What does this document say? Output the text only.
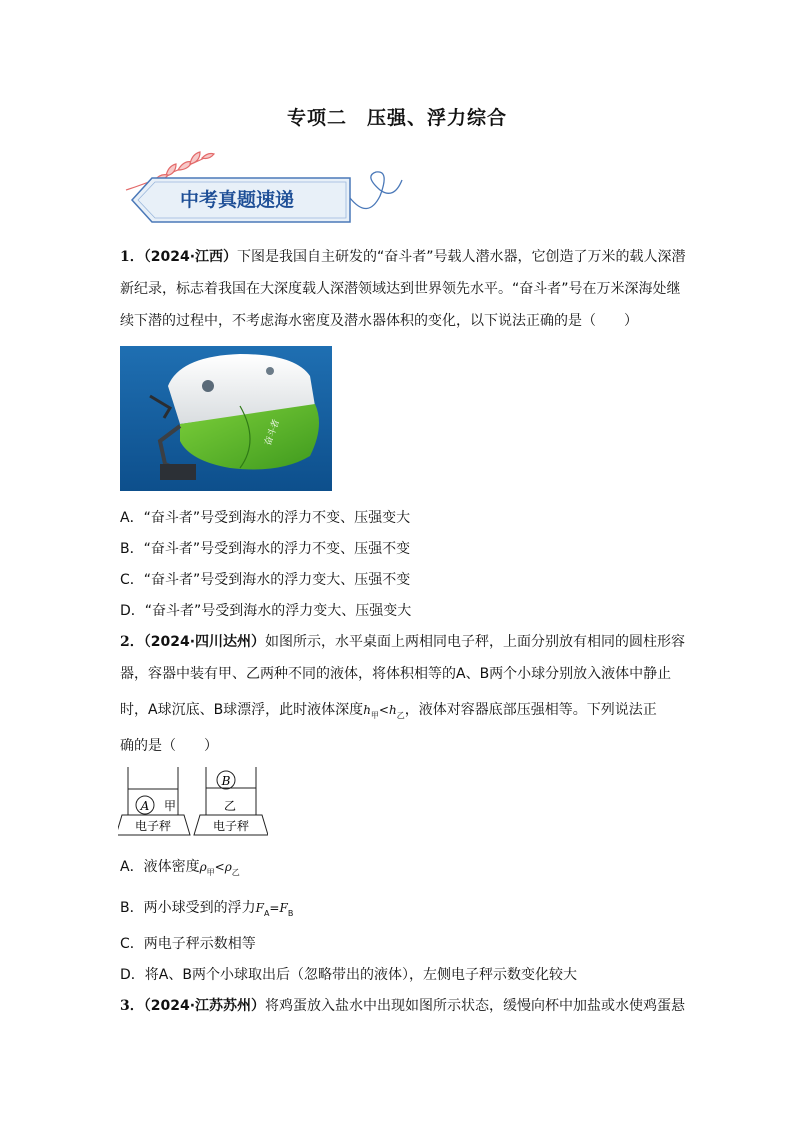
专项二　压强、浮力综合
中考真题速递
1．（2024·江西）下图是我国自主研发的“奋斗者”号载人潜水器，它创造了万米的载人深潜
新纪录，标志着我国在大深度载人深潜领域达到世界领先水平。“奋斗者”号在万米深海处继
续下潜的过程中，不考虑海水密度及潜水器体积的变化，以下说法正确的是（　　）
奋斗者
A．“奋斗者”号受到海水的浮力不变、压强变大
B．“奋斗者”号受到海水的浮力不变、压强不变
C．“奋斗者”号受到海水的浮力变大、压强不变
D．“奋斗者”号受到海水的浮力变大、压强变大
2．（2024·四川达州）如图所示，水平桌面上两相同电子秤，上面分别放有相同的圆柱形容
器，容器中装有甲、乙两种不同的液体，将体积相等的A、B两个小球分别放入液体中静止
时，A球沉底、B球漂浮，此时液体深度$h_甲<h_乙$，液体对容器底部压强相等。下列说法正
确的是（　　）
A 甲
B
乙
电子秤	电子秤
A．液体密度$\rho_甲<\rho_乙$
B．两小球受到的浮力$F_A=F_B$
C．两电子秤示数相等
D．将A、B两个小球取出后（忽略带出的液体），左侧电子秤示数变化较大
3．（2024·江苏苏州）将鸡蛋放入盐水中出现如图所示状态，缓慢向杯中加盐或水使鸡蛋悬
